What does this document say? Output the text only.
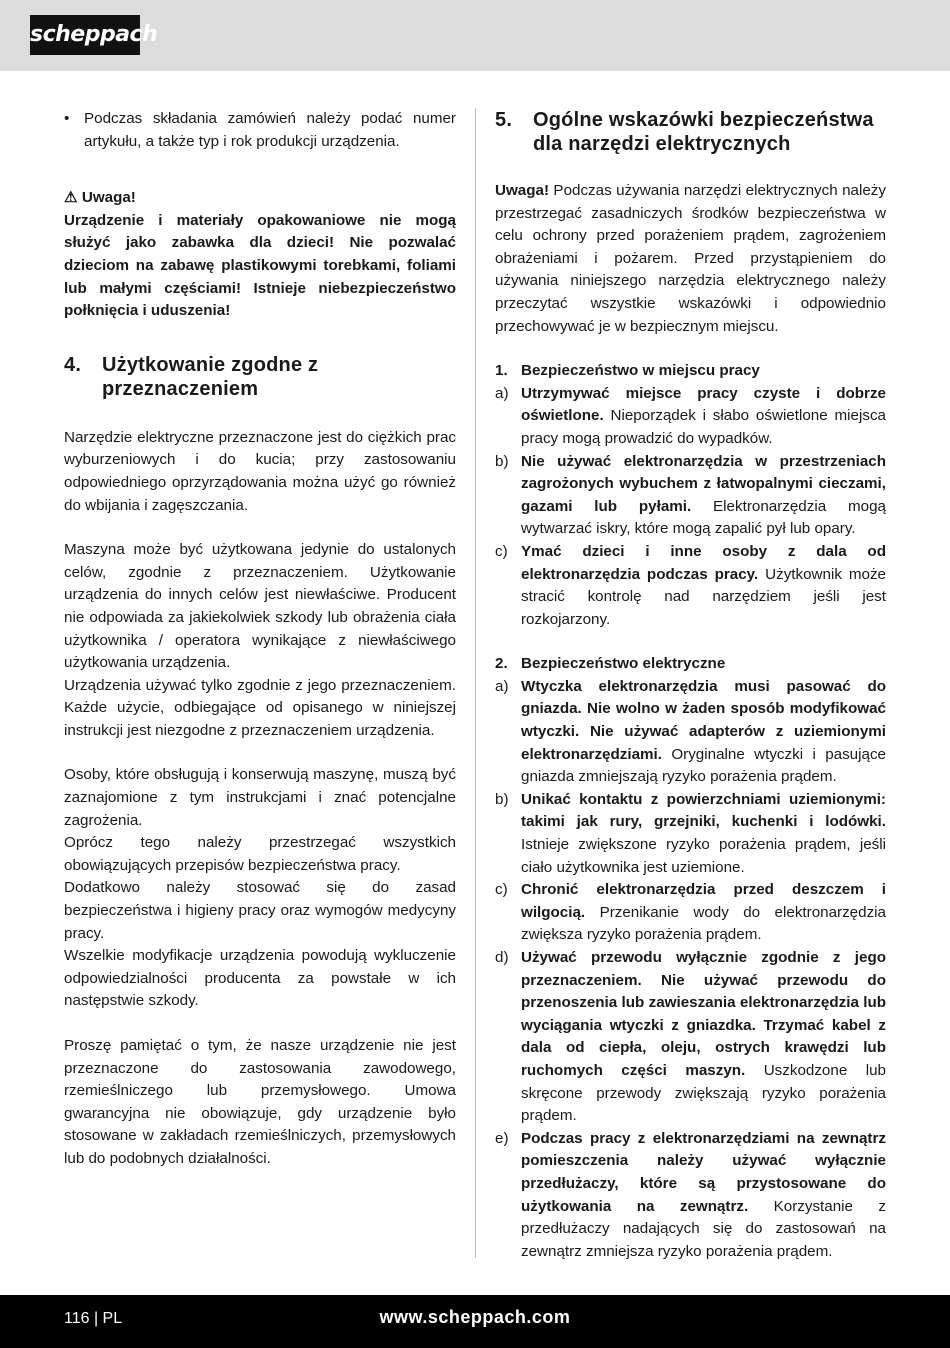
scheppach

• Podczas składania zamówień należy podać numer artykułu, a także typ i rok produkcji urządzenia.

⚠ Uwaga!

Urządzenie i materiały opakowaniowe nie mogą służyć jako zabawka dla dzieci! Nie pozwalać dzieciom na zabawę plastikowymi torebkami, foliami lub małymi częściami! Istnieje niebezpieczeństwo połknięcia i uduszenia!

4. Użytkowanie zgodne z przeznaczeniem

Narzędzie elektryczne przeznaczone jest do ciężkich prac wyburzeniowych i do kucia; przy zastosowaniu odpowiedniego oprzyrządowania można użyć go również do wbijania i zagęszczania.

Maszyna może być użytkowana jedynie do ustalonych celów, zgodnie z przeznaczeniem. Użytkowanie urządzenia do innych celów jest niewłaściwe. Producent nie odpowiada za jakiekolwiek szkody lub obrażenia ciała użytkownika / operatora wynikające z niewłaściwego użytkowania urządzenia.

Urządzenia używać tylko zgodnie z jego przeznaczeniem. Każde użycie, odbiegające od opisanego w niniejszej instrukcji jest niezgodne z przeznaczeniem urządzenia.

Osoby, które obsługują i konserwują maszynę, muszą być zaznajomione z tym instrukcjami i znać potencjalne zagrożenia.

Oprócz tego należy przestrzegać wszystkich obowiązujących przepisów bezpieczeństwa pracy.

Dodatkowo należy stosować się do zasad bezpieczeństwa i higieny pracy oraz wymogów medycyny pracy.

Wszelkie modyfikacje urządzenia powodują wykluczenie odpowiedzialności producenta za powstałe w ich następstwie szkody.

Proszę pamiętać o tym, że nasze urządzenie nie jest przeznaczone do zastosowania zawodowego, rzemieślniczego lub przemysłowego. Umowa gwarancyjna nie obowiązuje, gdy urządzenie było stosowane w zakładach rzemieślniczych, przemysłowych lub do podobnych działalności.

5. Ogólne wskazówki bezpieczeństwa dla narzędzi elektrycznych

Uwaga! Podczas używania narzędzi elektrycznych należy przestrzegać zasadniczych środków bezpieczeństwa w celu ochrony przed porażeniem prądem, zagrożeniem obrażeniami i pożarem. Przed przystąpieniem do używania niniejszego narzędzia elektrycznego należy przeczytać wszystkie wskazówki i odpowiednio przechowywać je w bezpiecznym miejscu.

1. Bezpieczeństwo w miejscu pracy

a) Utrzymywać miejsce pracy czyste i dobrze oświetlone. Nieporządek i słabo oświetlone miejsca pracy mogą prowadzić do wypadków.

b) Nie używać elektronarzędzia w przestrzeniach zagrożonych wybuchem z łatwopalnymi cieczami, gazami lub pyłami. Elektronarzędzia mogą wytwarzać iskry, które mogą zapalić pył lub opary.

c) Ymać dzieci i inne osoby z dala od elektronarzędzia podczas pracy. Użytkownik może stracić kontrolę nad narzędziem jeśli jest rozkojarzony.

2. Bezpieczeństwo elektryczne

a) Wtyczka elektronarzędzia musi pasować do gniazda. Nie wolno w żaden sposób modyfikować wtyczki. Nie używać adapterów z uziemionymi elektronarzędziami. Oryginalne wtyczki i pasujące gniazda zmniejszają ryzyko porażenia prądem.

b) Unikać kontaktu z powierzchniami uziemionymi: takimi jak rury, grzejniki, kuchenki i lodówki. Istnieje zwiększone ryzyko porażenia prądem, jeśli ciało użytkownika jest uziemione.

c) Chronić elektronarzędzia przed deszczem i wilgocią. Przenikanie wody do elektronarzędzia zwiększa ryzyko porażenia prądem.

d) Używać przewodu wyłącznie zgodnie z jego przeznaczeniem. Nie używać przewodu do przenoszenia lub zawieszania elektronarzędzia lub wyciągania wtyczki z gniazdka. Trzymać kabel z dala od ciepła, oleju, ostrych krawędzi lub ruchomych części maszyn. Uszkodzone lub skręcone przewody zwiększają ryzyko porażenia prądem.

e) Podczas pracy z elektronarzędziami na zewnątrz pomieszczenia należy używać wyłącznie przedłużaczy, które są przystosowane do użytkowania na zewnątrz. Korzystanie z przedłużaczy nadających się do zastosowań na zewnątrz zmniejsza ryzyko porażenia prądem.

116 | PL	www.scheppach.com
